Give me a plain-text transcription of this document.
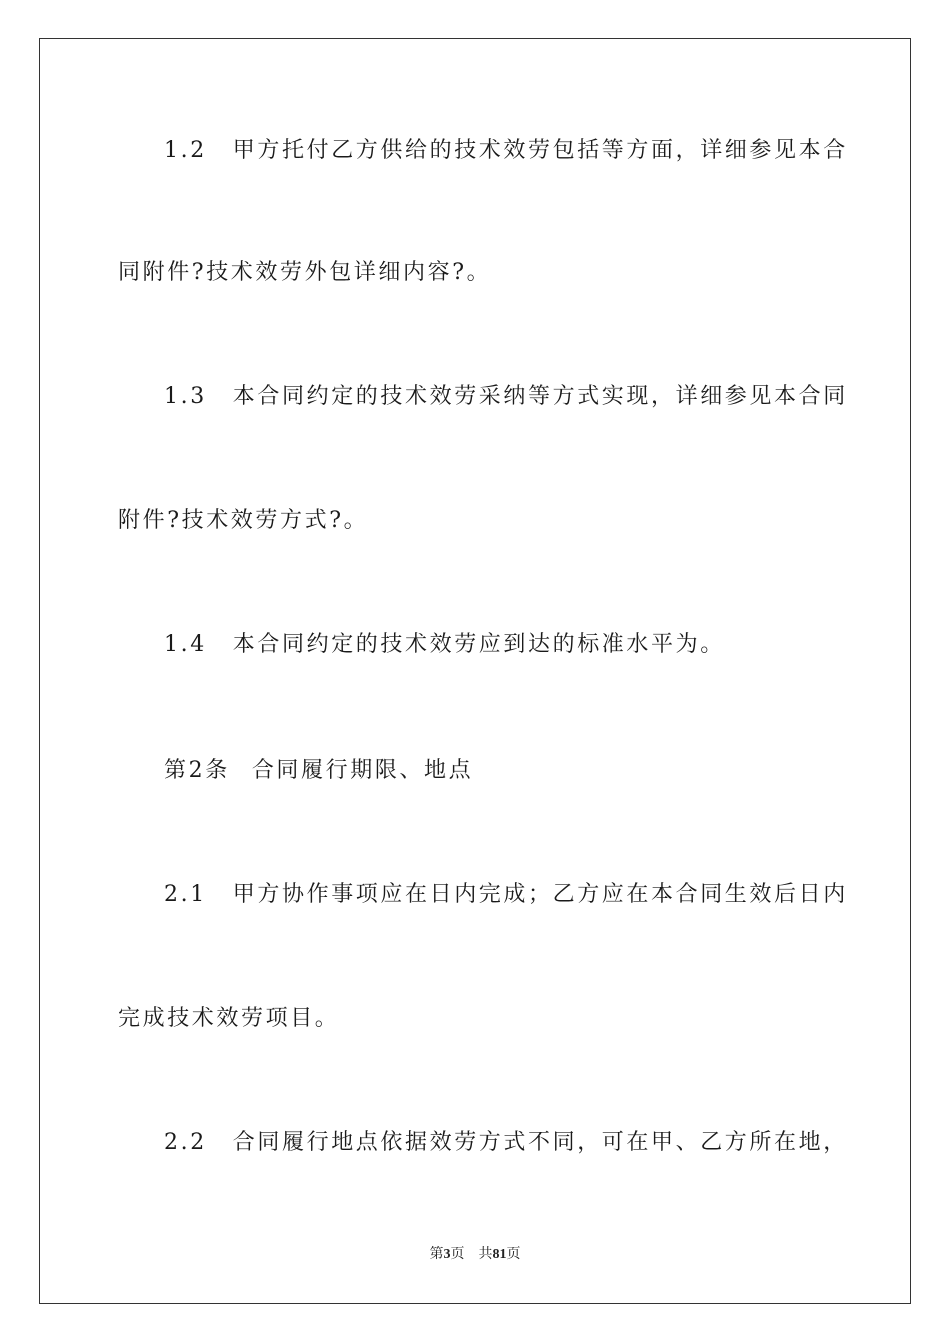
1.2 甲方托付乙方供给的技术效劳包括等方面，详细参见本合
同附件?技术效劳外包详细内容?。
1.3 本合同约定的技术效劳采纳等方式实现，详细参见本合同
附件?技术效劳方式?。
1.4 本合同约定的技术效劳应到达的标准水平为。
第2条 合同履行期限、地点
2.1 甲方协作事项应在日内完成；乙方应在本合同生效后日内
完成技术效劳项目。
2.2 合同履行地点依据效劳方式不同，可在甲、乙方所在地，
第3页 共81页
